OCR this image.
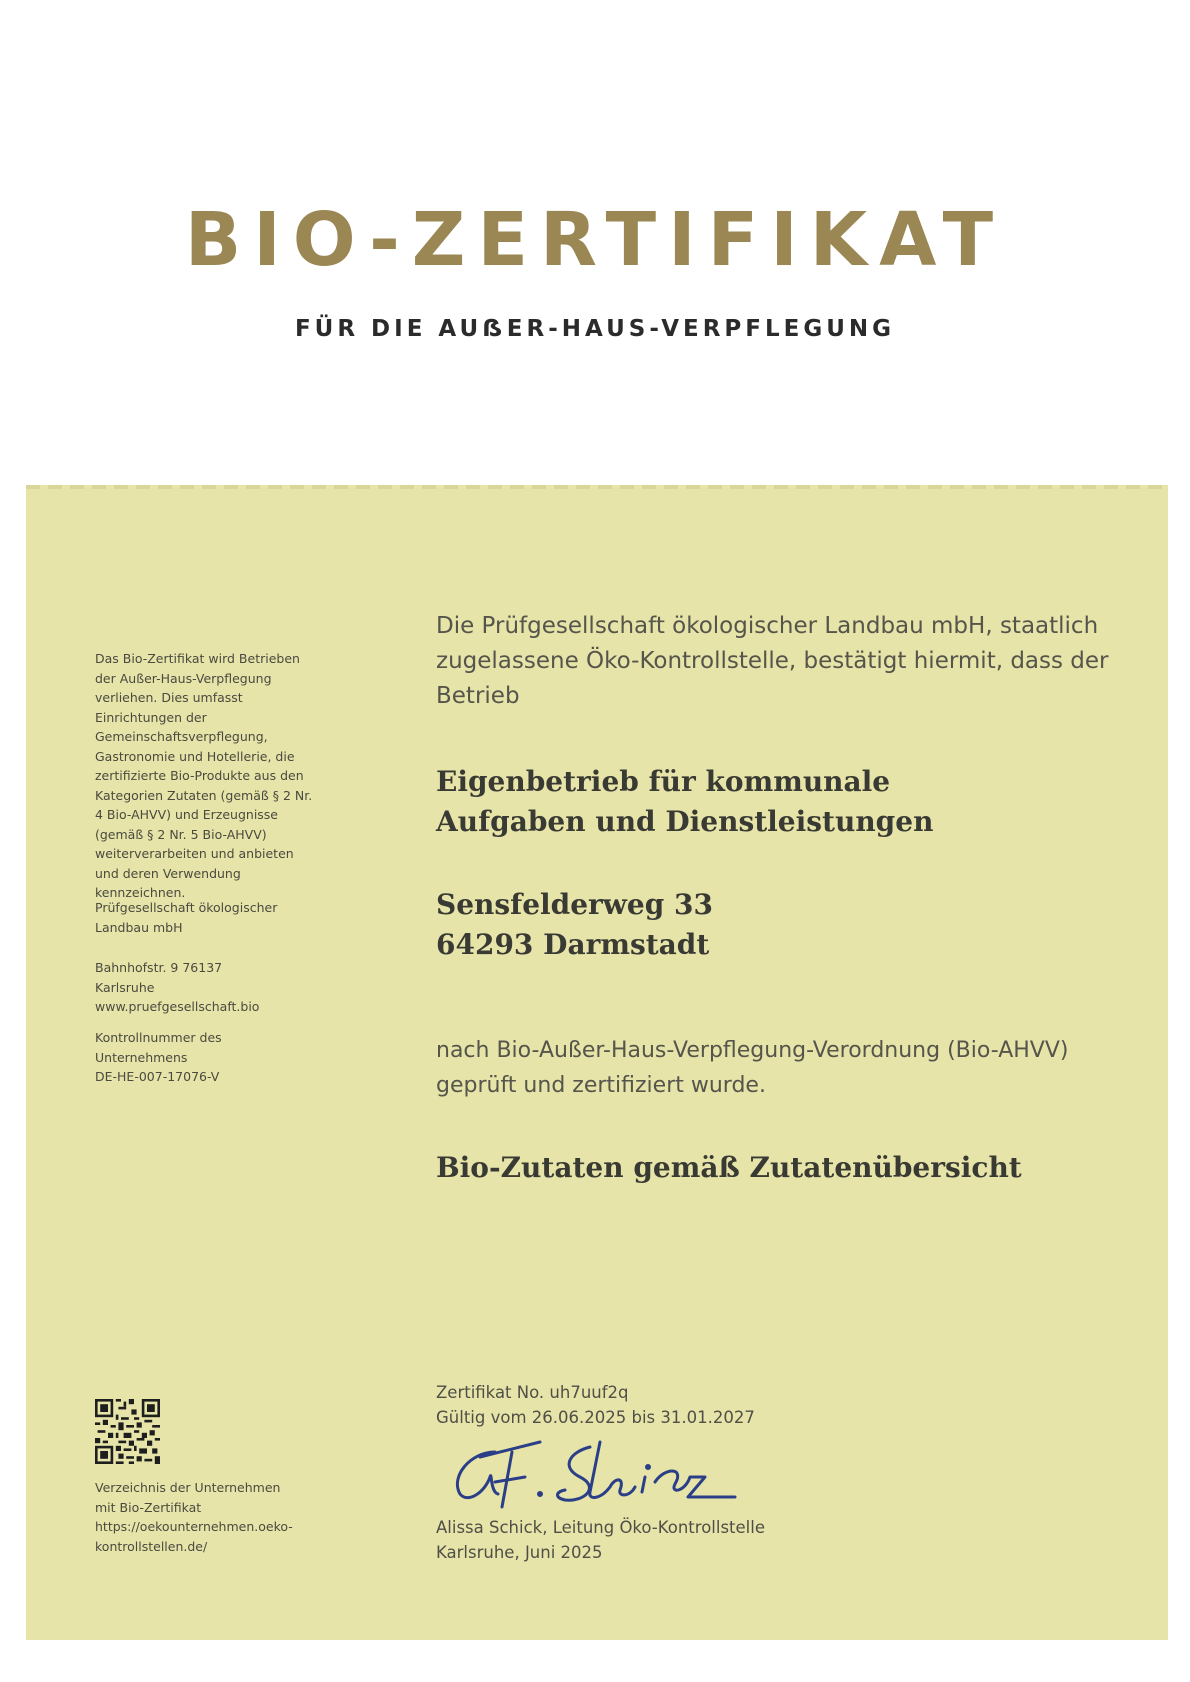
BIO-ZERTIFIKAT
FÜR DIE AUẞER-HAUS-VERPFLEGUNG
Das Bio-Zertifikat wird Betrieben der Außer-Haus-Verpflegung verliehen. Dies umfasst Einrichtungen der Gemeinschaftsverpflegung, Gastronomie und Hotellerie, die zertifizierte Bio-Produkte aus den Kategorien Zutaten (gemäß § 2 Nr. 4 Bio-AHVV) und Erzeugnisse (gemäß § 2 Nr. 5 Bio-AHVV) weiterverarbeiten und anbieten und deren Verwendung kennzeichnen.
Prüfgesellschaft ökologischer Landbau mbH
Bahnhofstr. 9 76137 Karlsruhe www.pruefgesellschaft.bio
Kontrollnummer des Unternehmens
DE-HE-007-17076-V
Verzeichnis der Unternehmen mit Bio-Zertifikat https://oekounternehmen.oeko-kontrollstellen.de/
Die Prüfgesellschaft ökologischer Landbau mbH, staatlich zugelassene Öko-Kontrollstelle, bestätigt hiermit, dass der Betrieb
Eigenbetrieb für kommunale
Aufgaben und Dienstleistungen
Sensfelderweg 33
64293 Darmstadt
nach Bio-Außer-Haus-Verpflegung-Verordnung (Bio-AHVV) geprüft und zertifiziert wurde.
Bio-Zutaten gemäß Zutatenübersicht
Zertifikat No. uh7uuf2q
Gültig vom 26.06.2025 bis 31.01.2027
Alissa Schick, Leitung Öko-Kontrollstelle
Karlsruhe, Juni 2025
